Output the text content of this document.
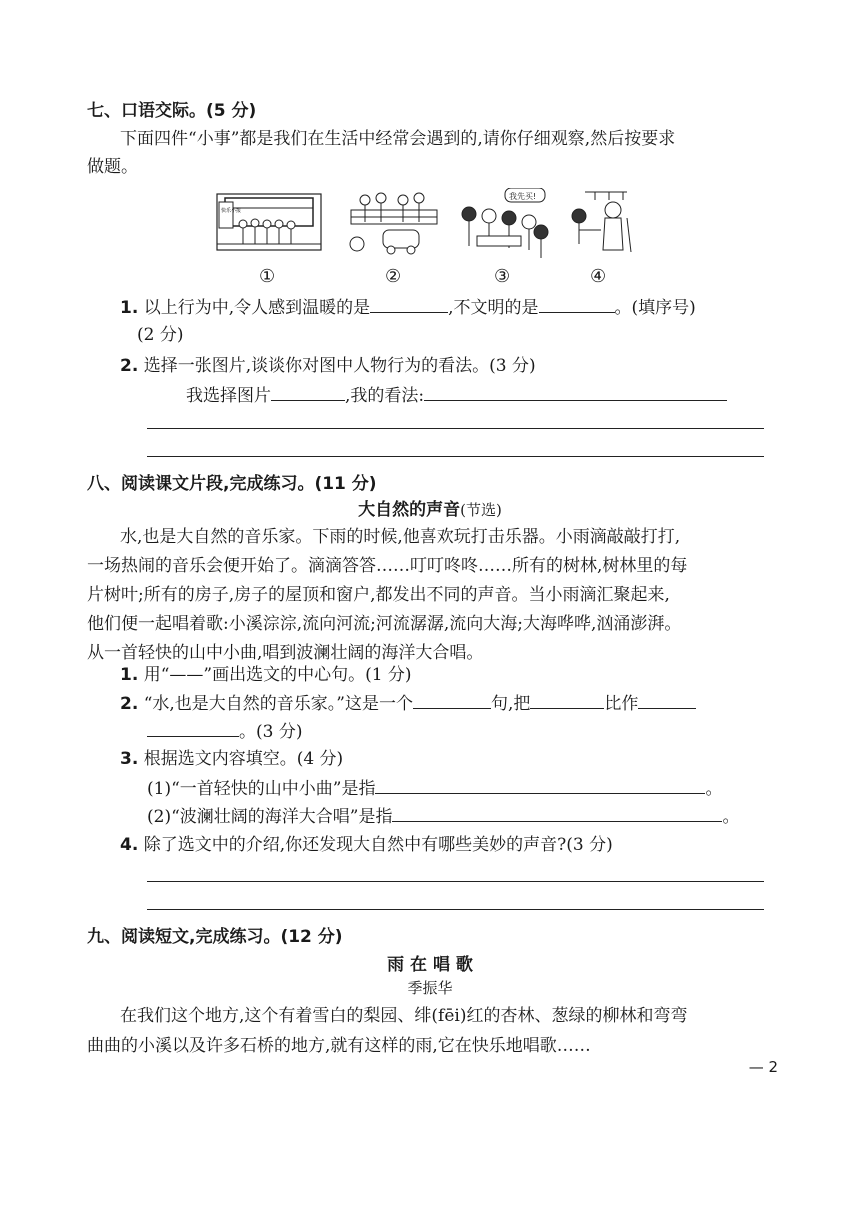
七、口语交际。(5 分)
下面四件“小事”都是我们在生活中经常会遇到的,请你仔细观察,然后按要求
做题。
快乐小报
我先买!
①	②	③	④
1. 以上行为中,令人感到温暖的是	,不文明的是	。(填序号)
(2 分)
2. 选择一张图片,谈谈你对图中人物行为的看法。(3 分)
我选择图片	,我的看法:
八、阅读课文片段,完成练习。(11 分)
大自然的声音(节选)
水,也是大自然的音乐家。下雨的时候,他喜欢玩打击乐器。小雨滴敲敲打打,
一场热闹的音乐会便开始了。滴滴答答……叮叮咚咚……所有的树林,树林里的每
片树叶;所有的房子,房子的屋顶和窗户,都发出不同的声音。当小雨滴汇聚起来,
他们便一起唱着歌:小溪淙淙,流向河流;河流潺潺,流向大海;大海哗哗,汹涌澎湃。
从一首轻快的山中小曲,唱到波澜壮阔的海洋大合唱。
1. 用“——”画出选文的中心句。(1 分)
2. “水,也是大自然的音乐家。”这是一个	句,把	比作
。(3 分)
3. 根据选文内容填空。(4 分)
(1)“一首轻快的山中小曲”是指	。
(2)“波澜壮阔的海洋大合唱”是指	。
4. 除了选文中的介绍,你还发现大自然中有哪些美妙的声音?(3 分)
九、阅读短文,完成练习。(12 分)
雨 在 唱 歌
季振华
在我们这个地方,这个有着雪白的梨园、绯(fēi)红的杏林、葱绿的柳林和弯弯
曲曲的小溪以及许多石桥的地方,就有这样的雨,它在快乐地唱歌……
— 2
